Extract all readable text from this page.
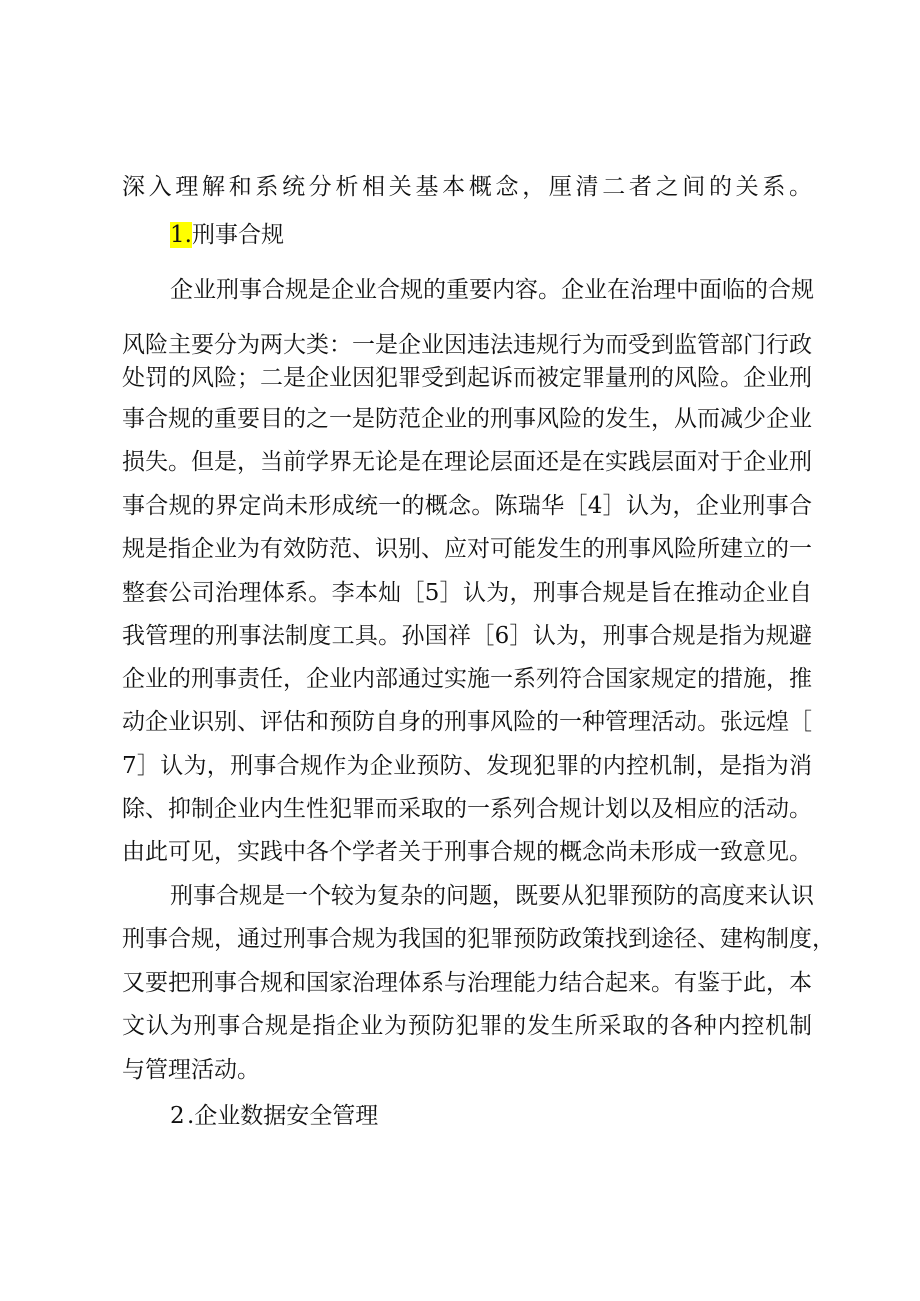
深入理解和系统分析相关基本概念，厘清二者之间的关系。
1.刑事合规
企业刑事合规是企业合规的重要内容。企业在治理中面临的合规
风险主要分为两大类：一是企业因违法违规行为而受到监管部门行政
处罚的风险；二是企业因犯罪受到起诉而被定罪量刑的风险。企业刑
事合规的重要目的之一是防范企业的刑事风险的发生，从而减少企业
损失。但是，当前学界无论是在理论层面还是在实践层面对于企业刑
事合规的界定尚未形成统一的概念。陈瑞华［4］认为，企业刑事合
规是指企业为有效防范、识别、应对可能发生的刑事风险所建立的一
整套公司治理体系。李本灿［5］认为，刑事合规是旨在推动企业自
我管理的刑事法制度工具。孙国祥［6］认为，刑事合规是指为规避
企业的刑事责任，企业内部通过实施一系列符合国家规定的措施，推
动企业识别、评估和预防自身的刑事风险的一种管理活动。张远煌［
7］认为，刑事合规作为企业预防、发现犯罪的内控机制，是指为消
除、抑制企业内生性犯罪而采取的一系列合规计划以及相应的活动。
由此可见，实践中各个学者关于刑事合规的概念尚未形成一致意见。
刑事合规是一个较为复杂的问题，既要从犯罪预防的高度来认识
刑事合规，通过刑事合规为我国的犯罪预防政策找到途径、建构制度，
又要把刑事合规和国家治理体系与治理能力结合起来。有鉴于此，本
文认为刑事合规是指企业为预防犯罪的发生所采取的各种内控机制
与管理活动。
2 .企业数据安全管理
